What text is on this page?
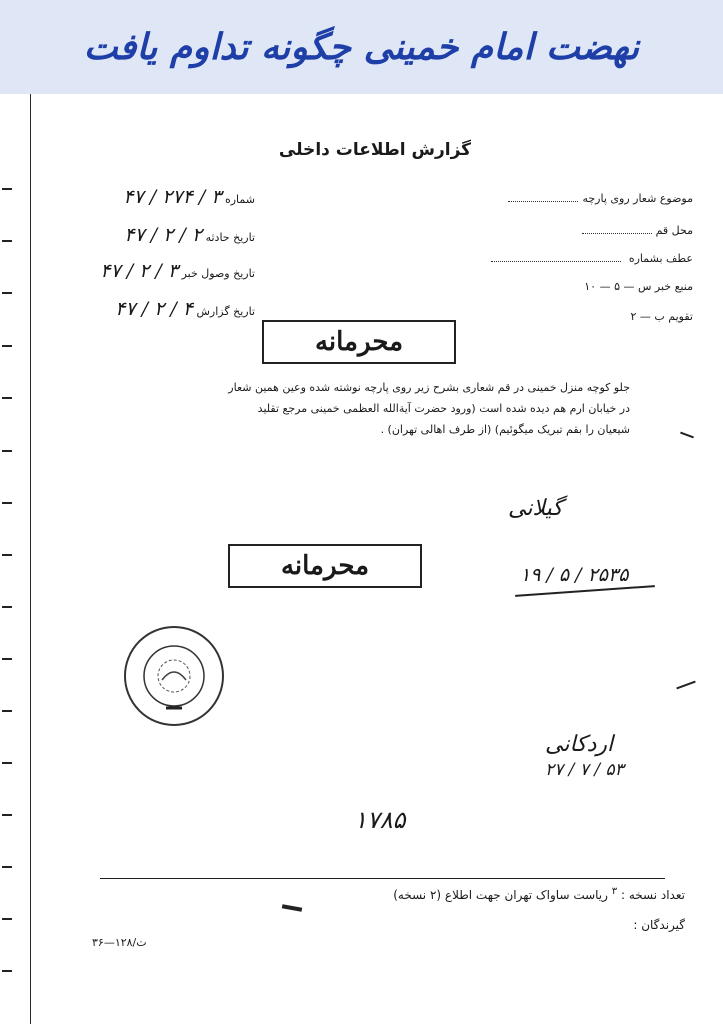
نهضت امام خمینی چگونه تداوم یافت
گزارش اطلاعات داخلی
شماره ۳ / ۲۷۴ / ۴۷
تاریخ حادثه ۲ / ۲ / ۴۷
تاریخ وصول خبر ۳ / ۲ / ۴۷
تاریخ گزارش ۴ / ۲ / ۴۷
موضوع شعار روی پارچه
محل قم
عطف بشماره
منبع خبر س — ۵ — ۱۰
تقویم ب — ۲
محرمانه
جلو کوچه منزل خمینی در قم شعاری بشرح زیر روی پارچه نوشته شده وعین همین شعار
در خیابان ارم هم دیده شده است (ورود حضرت آیةالله العظمی خمینی مرجع تقلید
شیعیان را بقم تبریک میگوئیم) (از طرف اهالی تهران) .
گیلانی
۱۹ / ۵ / ۲۵۳۵
محرمانه
اردکانی
۲۷ / ۷ / ۵۳
۱۷۸۵
تعداد نسخه : $^۳$ ریاست ساواک تهران جهت اطلاع (۲ نسخه)
گیرندگان :
۳۶—۱۲۸/ت
